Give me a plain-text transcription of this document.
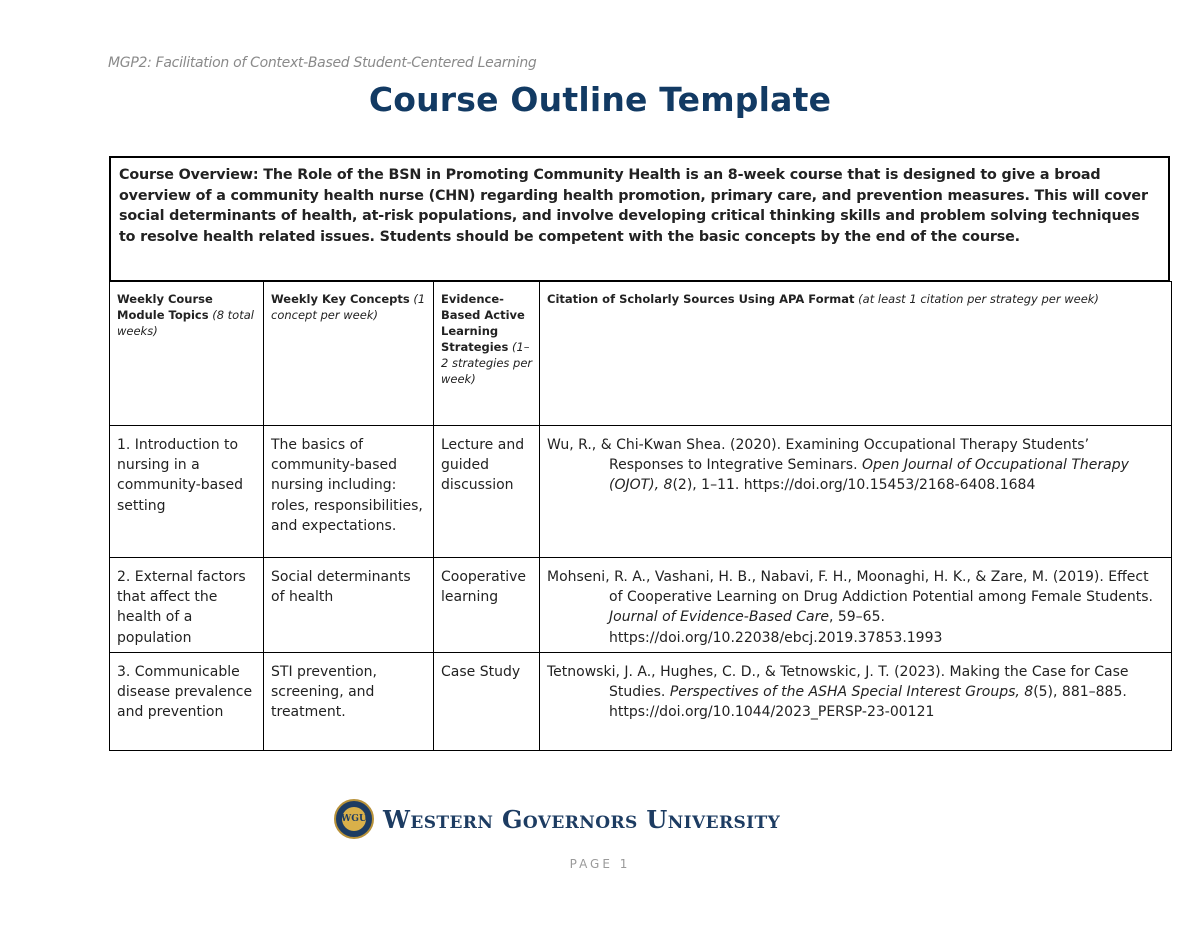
MGP2: Facilitation of Context-Based Student-Centered Learning
Course Outline Template
Course Overview: The Role of the BSN in Promoting Community Health is an 8-week course that is designed to give a broad overview of a community health nurse (CHN) regarding health promotion, primary care, and prevention measures. This will cover social determinants of health, at-risk populations, and involve developing critical thinking skills and problem solving techniques to resolve health related issues. Students should be competent with the basic concepts by the end of the course.
Weekly Course Module Topics (8 total weeks)	Weekly Key Concepts (1 concept per week)	Evidence-Based Active Learning Strategies (1–2 strategies per week)	Citation of Scholarly Sources Using APA Format (at least 1 citation per strategy per week)
1. Introduction to nursing in a community-based setting	The basics of community-based nursing including: roles, responsibilities, and expectations.	Lecture and guided discussion	Wu, R., & Chi-Kwan Shea. (2020). Examining Occupational Therapy Students’ Responses to Integrative Seminars. Open Journal of Occupational Therapy (OJOT), 8(2), 1–11. https://doi.org/10.15453/2168-6408.1684

2. External factors that affect the health of a population	Social determinants of health	Cooperative learning	Mohseni, R. A., Vashani, H. B., Nabavi, F. H., Moonaghi, H. K., & Zare, M. (2019). Effect of Cooperative Learning on Drug Addiction Potential among Female Students. Journal of Evidence-Based Care, 59–65. https://doi.org/10.22038/ebcj.2019.37853.1993

3. Communicable disease prevalence and prevention	STI prevention, screening, and treatment.	Case Study	Tetnowski, J. A., Hughes, C. D., & Tetnowskic, J. T. (2023). Making the Case for Case Studies. Perspectives of the ASHA Special Interest Groups, 8(5), 881–885. https://doi.org/10.1044/2023_PERSP-23-00121
WGU Western Governors University
PAGE 1
